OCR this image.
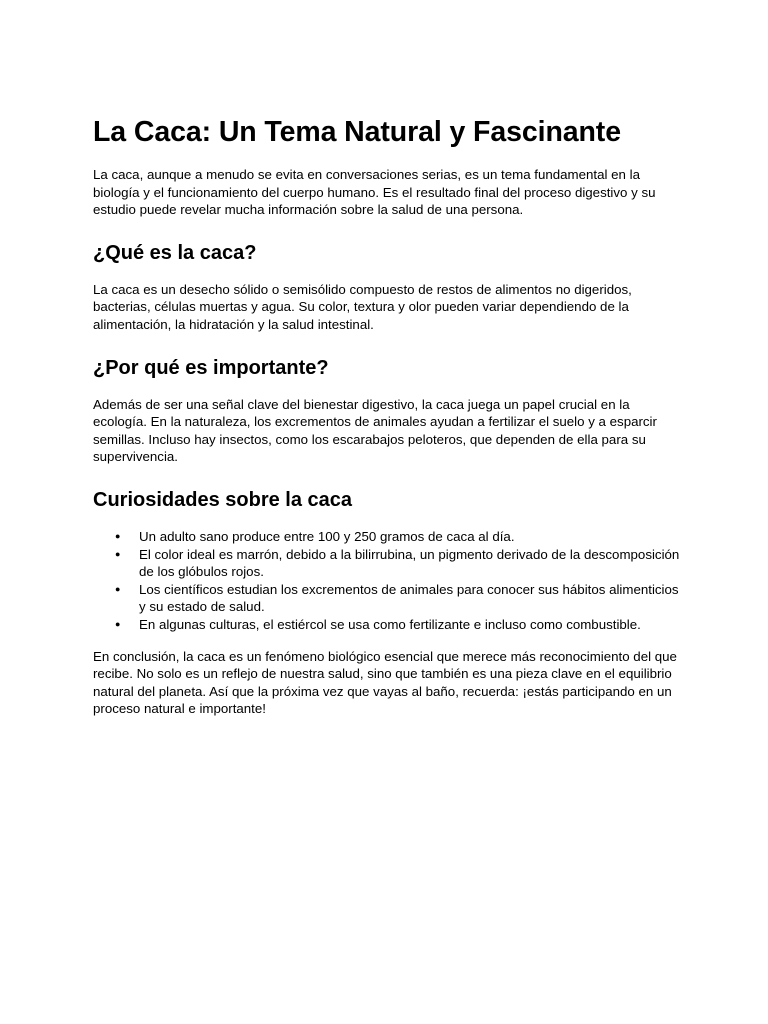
La Caca: Un Tema Natural y Fascinante

La caca, aunque a menudo se evita en conversaciones serias, es un tema fundamental en la biología y el funcionamiento del cuerpo humano. Es el resultado final del proceso digestivo y su estudio puede revelar mucha información sobre la salud de una persona.

¿Qué es la caca?

La caca es un desecho sólido o semisólido compuesto de restos de alimentos no digeridos, bacterias, células muertas y agua. Su color, textura y olor pueden variar dependiendo de la alimentación, la hidratación y la salud intestinal.

¿Por qué es importante?

Además de ser una señal clave del bienestar digestivo, la caca juega un papel crucial en la ecología. En la naturaleza, los excrementos de animales ayudan a fertilizar el suelo y a esparcir semillas. Incluso hay insectos, como los escarabajos peloteros, que dependen de ella para su supervivencia.

Curiosidades sobre la caca
● Un adulto sano produce entre 100 y 250 gramos de caca al día.
● El color ideal es marrón, debido a la bilirrubina, un pigmento derivado de la descomposición de los glóbulos rojos.
● Los científicos estudian los excrementos de animales para conocer sus hábitos alimenticios y su estado de salud.
● En algunas culturas, el estiércol se usa como fertilizante e incluso como combustible.

En conclusión, la caca es un fenómeno biológico esencial que merece más reconocimiento del que recibe. No solo es un reflejo de nuestra salud, sino que también es una pieza clave en el equilibrio natural del planeta. Así que la próxima vez que vayas al baño, recuerda: ¡estás participando en un proceso natural e importante!
